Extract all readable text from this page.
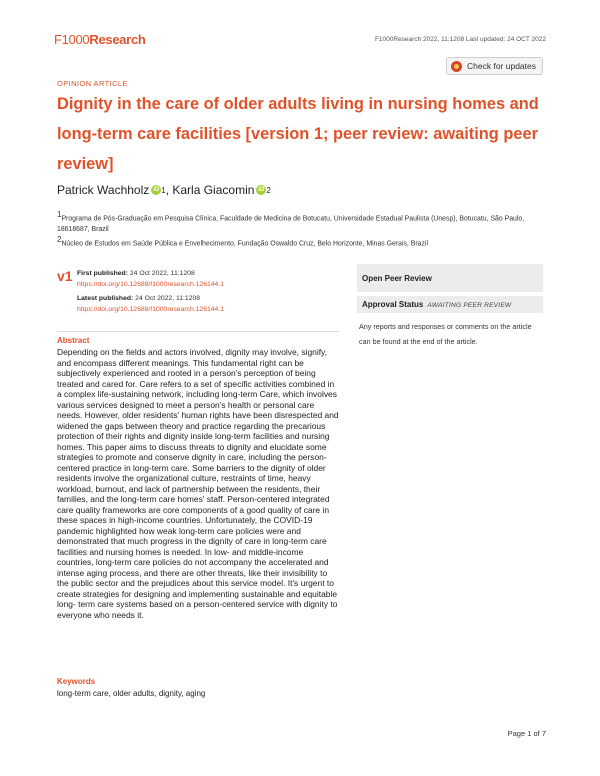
F1000Research	F1000Research 2022, 11:1208 Last updated: 24 OCT 2022
Check for updates
OPINION ARTICLE
Dignity in the care of older adults living in nursing homes and long-term care facilities [version 1; peer review: awaiting peer review]
Patrick Wachholz iD 1 , Karla Giacomin iD 2
1Programa de Pós-Graduação em Pesquisa Clínica, Faculdade de Medicina de Botucatu, Universidade Estadual Paulista (Unesp), Botucatu, São Paulo, 18618687, Brazil
2Núcleo de Estudos em Saúde Pública e Envelhecimento, Fundação Oswaldo Cruz, Belo Horizonte, Minas Gerais, Brazil
v1 First published: 24 Oct 2022, 11:1208
https://doi.org/10.12688/f1000research.126144.1
Latest published: 24 Oct 2022, 11:1208
https://doi.org/10.12688/f1000research.126144.1
Abstract
Depending on the fields and actors involved, dignity may involve, signify, and encompass different meanings. This fundamental right can be subjectively experienced and rooted in a person's perception of being treated and cared for. Care refers to a set of specific activities combined in a complex life-sustaining network, including long-term Care, which involves various services designed to meet a person's health or personal care needs. However, older residents' human rights have been disrespected and widened the gaps between theory and practice regarding the precarious protection of their rights and dignity inside long-term facilities and nursing homes. This paper aims to discuss threats to dignity and elucidate some strategies to promote and conserve dignity in care, including the person-centered practice in long-term care. Some barriers to the dignity of older residents involve the organizational culture, restraints of time, heavy workload, burnout, and lack of partnership between the residents, their families, and the long-term care homes' staff. Person-centered integrated care quality frameworks are core components of a good quality of care in these spaces in high-income countries. Unfortunately, the COVID-19 pandemic highlighted how weak long-term care policies were and demonstrated that much progress in the dignity of care in long-term care facilities and nursing homes is needed. In low- and middle-income countries, long-term care policies do not accompany the accelerated and intense aging process, and there are other threats, like their invisibility to the public sector and the prejudices about this service model. It's urgent to create strategies for designing and implementing sustainable and equitable long- term care systems based on a person-centered service with dignity to everyone who needs it.
Keywords
long-term care, older adults, dignity, aging
Open Peer Review
Approval Status AWAITING PEER REVIEW
Any reports and responses or comments on the article can be found at the end of the article.
Page 1 of 7
